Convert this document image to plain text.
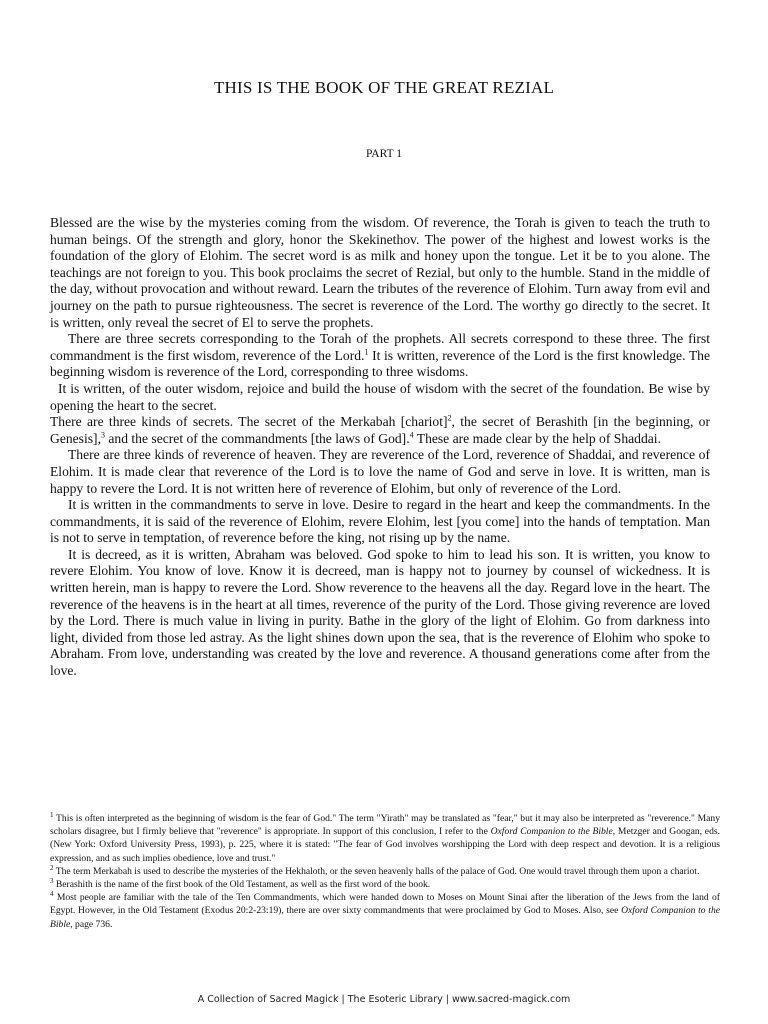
THIS IS THE BOOK OF THE GREAT REZIAL
PART 1

Blessed are the wise by the mysteries coming from the wisdom. Of reverence, the Torah is given to teach the truth to human beings. Of the strength and glory, honor the Skekinethov. The power of the highest and lowest works is the foundation of the glory of Elohim. The secret word is as milk and honey upon the tongue. Let it be to you alone. The teachings are not foreign to you. This book proclaims the secret of Rezial, but only to the humble. Stand in the middle of the day, without provocation and without reward. Learn the tributes of the reverence of Elohim. Turn away from evil and journey on the path to pursue righteousness. The secret is reverence of the Lord. The worthy go directly to the secret. It is written, only reveal the secret of El to serve the prophets.

There are three secrets corresponding to the Torah of the prophets. All secrets correspond to these three. The first commandment is the first wisdom, reverence of the Lord.$^1$ It is written, reverence of the Lord is the first knowledge. The beginning wisdom is reverence of the Lord, corresponding to three wisdoms.

It is written, of the outer wisdom, rejoice and build the house of wisdom with the secret of the foundation. Be wise by opening the heart to the secret.

There are three kinds of secrets. The secret of the Merkabah [chariot]$^2$, the secret of Berashith [in the beginning, or Genesis],$^3$ and the secret of the commandments [the laws of God].$^4$ These are made clear by the help of Shaddai.

There are three kinds of reverence of heaven. They are reverence of the Lord, reverence of Shaddai, and reverence of Elohim. It is made clear that reverence of the Lord is to love the name of God and serve in love. It is written, man is happy to revere the Lord. It is not written here of reverence of Elohim, but only of reverence of the Lord.

It is written in the commandments to serve in love. Desire to regard in the heart and keep the commandments. In the commandments, it is said of the reverence of Elohim, revere Elohim, lest [you come] into the hands of temptation. Man is not to serve in temptation, of reverence before the king, not rising up by the name.

It is decreed, as it is written, Abraham was beloved. God spoke to him to lead his son. It is written, you know to revere Elohim. You know of love. Know it is decreed, man is happy not to journey by counsel of wickedness. It is written herein, man is happy to revere the Lord. Show reverence to the heavens all the day. Regard love in the heart. The reverence of the heavens is in the heart at all times, reverence of the purity of the Lord. Those giving reverence are loved by the Lord. There is much value in living in purity. Bathe in the glory of the light of Elohim. Go from darkness into light, divided from those led astray. As the light shines down upon the sea, that is the reverence of Elohim who spoke to Abraham. From love, understanding was created by the love and reverence. A thousand generations come after from the love.

$^1$ This is often interpreted as the beginning of wisdom is the fear of God." The term "Yirath" may be translated as "fear," but it may also be interpreted as "reverence." Many scholars disagree, but I firmly believe that "reverence" is appropriate. In support of this conclusion, I refer to the Oxford Companion to the Bible, Metzger and Googan, eds. (New York: Oxford University Press, 1993), p. 225, where it is stated: "The fear of God involves worshipping the Lord with deep respect and devotion. It is a religious expression, and as such implies obedience, love and trust."

$^2$ The term Merkabah is used to describe the mysteries of the Hekhaloth, or the seven heavenly halls of the palace of God. One would travel through them upon a chariot.

$^3$ Berashith is the name of the first book of the Old Testament, as well as the first word of the book.

$^4$ Most people are familiar with the tale of the Ten Commandments, which were handed down to Moses on Mount Sinai after the liberation of the Jews from the land of Egypt. However, in the Old Testament (Exodus 20:2-23:19), there are over sixty commandments that were proclaimed by God to Moses. Also, see Oxford Companion to the Bible, page 736.

A Collection of Sacred Magick | The Esoteric Library | www.sacred-magick.com
